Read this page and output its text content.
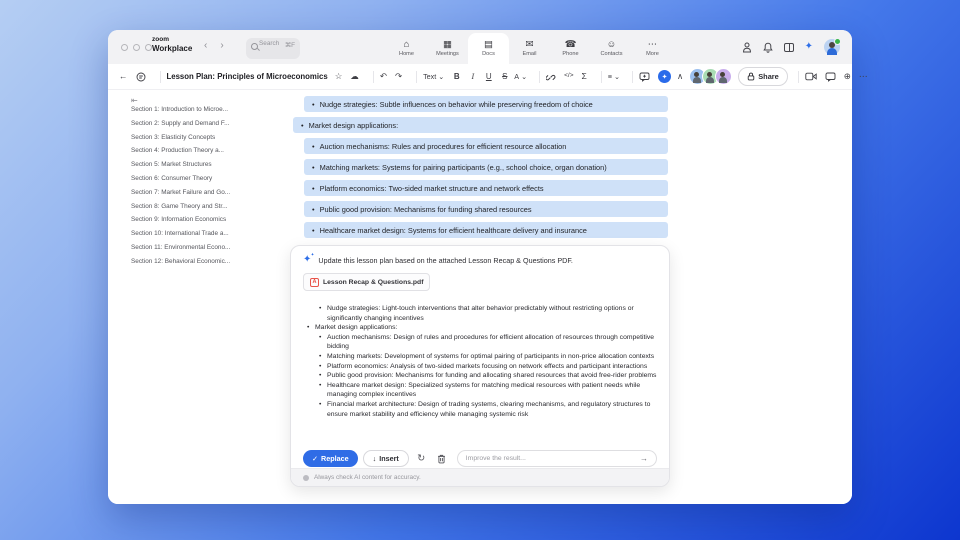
zoom
Workplace ‹ ›	Search ⌘F	⌂
Home
▦
Meetings
▤
Docs
✉
Email
☎
Phone
☺
Contacts
⋯
More
✦
←	Lesson Plan: Principles of Microeconomics ☆ ☁ ↶ ↷	Text ⌄	B	I	U	S A ⌄	</> Σ	≡ ⌄	✦	∧	Share	⊕ ⋯
⇤
Section 1: Introduction to Microe...
Section 2: Supply and Demand F...
Section 3: Elasticity Concepts
Section 4: Production Theory a...
Section 5: Market Structures
Section 6: Consumer Theory
Section 7: Market Failure and Go...
Section 8: Game Theory and Str...
Section 9: Information Economics
Section 10: International Trade a...
Section 11: Environmental Econo...
Section 12: Behavioral Economic...
• Nudge strategies: Subtle influences on behavior while preserving freedom of choice
• Market design applications:
• Auction mechanisms: Rules and procedures for efficient resource allocation
• Matching markets: Systems for pairing participants (e.g., school choice, organ donation)
• Platform economics: Two-sided market structure and network effects
• Public good provision: Mechanisms for funding shared resources
• Healthcare market design: Systems for efficient healthcare delivery and insurance
✦ ✦ Update this lesson plan based on the attached Lesson Recap & Questions PDF.
A Lesson Recap & Questions.pdf
• Nudge strategies: Light-touch interventions that alter behavior predictably without restricting options or significantly changing incentives
• Market design applications:
• Auction mechanisms: Design of rules and procedures for efficient allocation of resources through competitive bidding
• Matching markets: Development of systems for optimal pairing of participants in non-price allocation contexts
• Platform economics: Analysis of two-sided markets focusing on network effects and participant interactions
• Public good provision: Mechanisms for funding and allocating shared resources that avoid free-rider problems
• Healthcare market design: Specialized systems for matching medical resources with patient needs while managing complex incentives
• Financial market architecture: Design of trading systems, clearing mechanisms, and regulatory structures to ensure market stability and efficiency while managing systemic risk
✓ Replace	↓ Insert	↻
Improve the result...	→
Always check AI content for accuracy.
